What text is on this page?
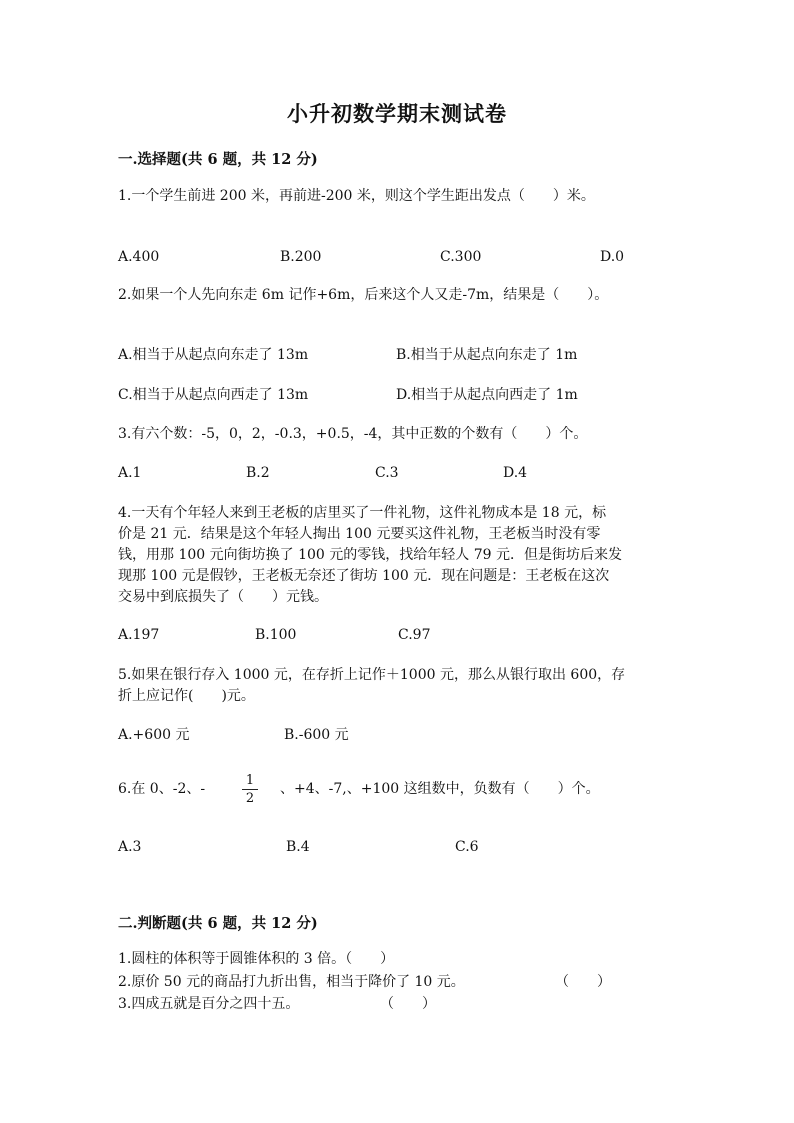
小升初数学期末测试卷
一.选择题(共 6 题，共 12 分)
1.一个学生前进 200 米，再前进-200 米，则这个学生距出发点（　　）米。
A.400	B.200	C.300	D.0
2.如果一个人先向东走 6m 记作+6m，后来这个人又走-7m，结果是（　　）。
A.相当于从起点向东走了 13m	B.相当于从起点向东走了 1m
C.相当于从起点向西走了 13m	D.相当于从起点向西走了 1m
3.有六个数：-5，0，2，-0.3，+0.5，-4，其中正数的个数有（　　）个。
A.1	B.2	C.3	D.4
4.一天有个年轻人来到王老板的店里买了一件礼物，这件礼物成本是 18 元，标
价是 21 元．结果是这个年轻人掏出 100 元要买这件礼物，王老板当时没有零
钱，用那 100 元向街坊换了 100 元的零钱，找给年轻人 79 元．但是街坊后来发
现那 100 元是假钞，王老板无奈还了街坊 100 元．现在问题是：王老板在这次
交易中到底损失了（　　）元钱。
A.197	B.100	C.97
5.如果在银行存入 1000 元，在存折上记作＋1000 元，那么从银行取出 600，存
折上应记作(　　)元。
A.+600 元	B.-600 元
6.在 0、-2、-
1
2
、+4、-7,、+100 这组数中，负数有（　　）个。
A.3	B.4	C.6
二.判断题(共 6 题，共 12 分)
1.圆柱的体积等于圆锥体积的 3 倍。（　　）
2.原价 50 元的商品打九折出售，相当于降价了 10 元。	（　　）
3.四成五就是百分之四十五。	（　　）
